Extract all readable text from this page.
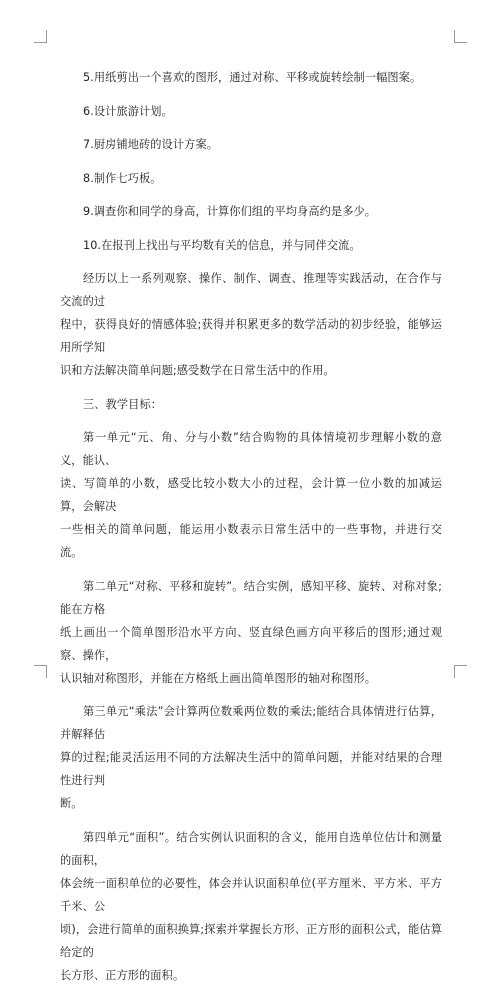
5.用纸剪出一个喜欢的图形，通过对称、平移或旋转绘制一幅图案。
6.设计旅游计划。
7.厨房铺地砖的设计方案。
8.制作七巧板。
9.调查你和同学的身高，计算你们组的平均身高约是多少。
10.在报刊上找出与平均数有关的信息，并与同伴交流。
经历以上一系列观察、操作、制作、调查、推理等实践活动，在合作与交流的过
程中，获得良好的情感体验;获得并积累更多的数学活动的初步经验，能够运用所学知
识和方法解决简单问题;感受数学在日常生活中的作用。
三、教学目标：
第一单元“元、角、分与小数”结合购物的具体情境初步理解小数的意义，能认、
读、写简单的小数，感受比较小数大小的过程，会计算一位小数的加减运算，会解决
一些相关的简单问题，能运用小数表示日常生活中的一些事物，并进行交流。
第二单元“对称、平移和旋转”。结合实例，感知平移、旋转、对称对象;能在方格
纸上画出一个简单图形沿水平方向、竖直绿色画方向平移后的图形;通过观察、操作，
认识轴对称图形，并能在方格纸上画出简单图形的轴对称图形。
第三单元“乘法”会计算两位数乘两位数的乘法;能结合具体情进行估算，并解释估
算的过程;能灵活运用不同的方法解决生活中的简单问题，并能对结果的合理性进行判
断。
第四单元“面积”。结合实例认识面积的含义，能用自选单位估计和测量的面积，
体会统一面积单位的必要性，体会并认识面积单位(平方厘米、平方米、平方千米、公
顷)，会进行简单的面积换算;探索并掌握长方形、正方形的面积公式，能估算给定的
长方形、正方形的面积。
